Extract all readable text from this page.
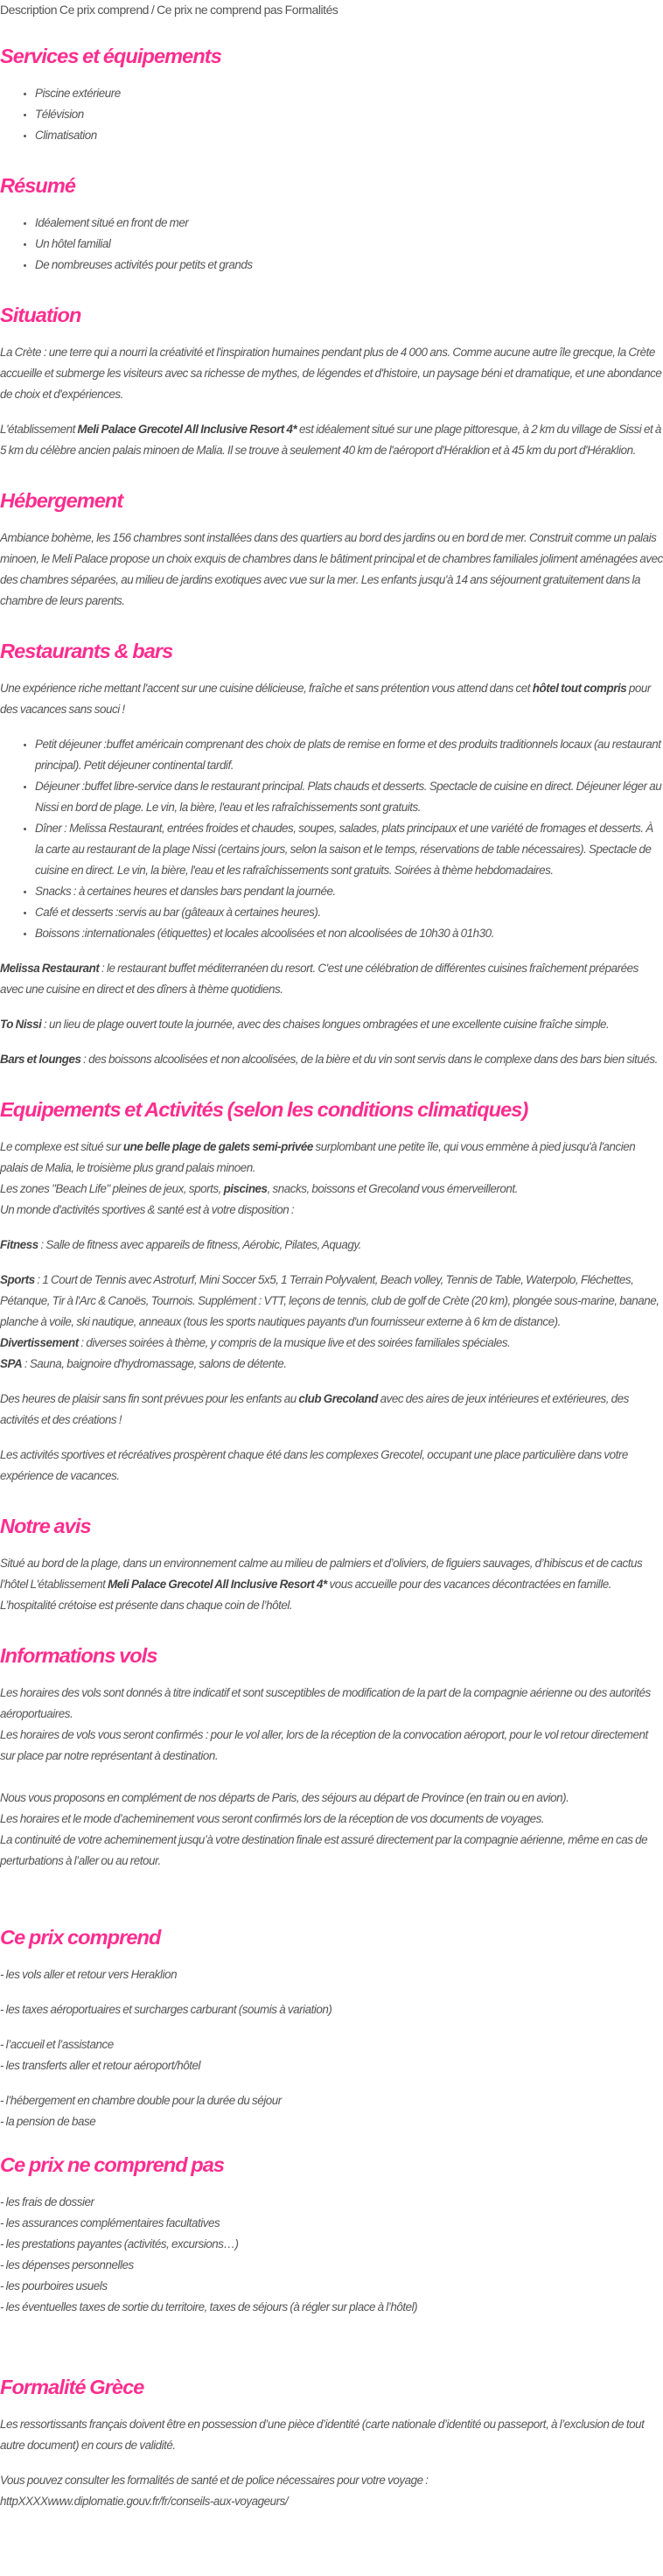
Description Ce prix comprend / Ce prix ne comprend pas Formalités
Services et équipements
• Piscine extérieure
• Télévision
• Climatisation
Résumé
• Idéalement situé en front de mer
• Un hôtel familial
• De nombreuses activités pour petits et grands
Situation

La Crète : une terre qui a nourri la créativité et l'inspiration humaines pendant plus de 4 000 ans. Comme aucune autre île grecque, la Crète accueille et submerge les visiteurs avec sa richesse de mythes, de légendes et d'histoire, un paysage béni et dramatique, et une abondance de choix et d'expériences.

L'établissement Meli Palace Grecotel All Inclusive Resort 4* est idéalement situé sur une plage pittoresque, à 2 km du village de Sissi et à 5 km du célèbre ancien palais minoen de Malia. Il se trouve à seulement 40 km de l'aéroport d'Héraklion et à 45 km du port d'Héraklion.

Hébergement

Ambiance bohème, les 156 chambres sont installées dans des quartiers au bord des jardins ou en bord de mer. Construit comme un palais minoen, le Meli Palace propose un choix exquis de chambres dans le bâtiment principal et de chambres familiales joliment aménagées avec des chambres séparées, au milieu de jardins exotiques avec vue sur la mer. Les enfants jusqu'à 14 ans séjournent gratuitement dans la chambre de leurs parents.

Restaurants & bars

Une expérience riche mettant l'accent sur une cuisine délicieuse, fraîche et sans prétention vous attend dans cet hôtel tout compris pour des vacances sans souci !

• Petit déjeuner :buffet américain comprenant des choix de plats de remise en forme et des produits traditionnels locaux (au restaurant principal). Petit déjeuner continental tardif.
• Déjeuner :buffet libre-service dans le restaurant principal. Plats chauds et desserts. Spectacle de cuisine en direct. Déjeuner léger au Nissi en bord de plage. Le vin, la bière, l'eau et les rafraîchissements sont gratuits.
• Dîner : Melissa Restaurant, entrées froides et chaudes, soupes, salades, plats principaux et une variété de fromages et desserts. À la carte au restaurant de la plage Nissi (certains jours, selon la saison et le temps, réservations de table nécessaires). Spectacle de cuisine en direct. Le vin, la bière, l'eau et les rafraîchissements sont gratuits. Soirées à thème hebdomadaires.
• Snacks : à certaines heures et dansles bars pendant la journée.
• Café et desserts :servis au bar (gâteaux à certaines heures).
• Boissons :internationales (étiquettes) et locales alcoolisées et non alcoolisées de 10h30 à 01h30.

Melissa Restaurant : le restaurant buffet méditerranéen du resort. C'est une célébration de différentes cuisines fraîchement préparées avec une cuisine en direct et des dîners à thème quotidiens.

To Nissi : un lieu de plage ouvert toute la journée, avec des chaises longues ombragées et une excellente cuisine fraîche simple.

Bars et lounges : des boissons alcoolisées et non alcoolisées, de la bière et du vin sont servis dans le complexe dans des bars bien situés.

Equipements et Activités (selon les conditions climatiques)

Le complexe est situé sur une belle plage de galets semi-privée surplombant une petite île, qui vous emmène à pied jusqu'à l'ancien palais de Malia, le troisième plus grand palais minoen.
Les zones "Beach Life" pleines de jeux, sports, piscines, snacks, boissons et Grecoland vous émerveilleront.
Un monde d'activités sportives & santé est à votre disposition :

Fitness : Salle de fitness avec appareils de fitness, Aérobic, Pilates, Aquagy.

Sports : 1 Court de Tennis avec Astroturf, Mini Soccer 5x5, 1 Terrain Polyvalent, Beach volley, Tennis de Table, Waterpolo, Fléchettes, Pétanque, Tir à l'Arc & Canoës, Tournois. Supplément : VTT, leçons de tennis, club de golf de Crète (20 km), plongée sous-marine, banane, planche à voile, ski nautique, anneaux (tous les sports nautiques payants d'un fournisseur externe à 6 km de distance).
Divertissement : diverses soirées à thème, y compris de la musique live et des soirées familiales spéciales.
SPA : Sauna, baignoire d'hydromassage, salons de détente.

Des heures de plaisir sans fin sont prévues pour les enfants au club Grecoland avec des aires de jeux intérieures et extérieures, des activités et des créations !

Les activités sportives et récréatives prospèrent chaque été dans les complexes Grecotel, occupant une place particulière dans votre expérience de vacances.

Notre avis

Situé au bord de la plage, dans un environnement calme au milieu de palmiers et d’oliviers, de figuiers sauvages, d’hibiscus et de cactus l’hôtel L'établissement Meli Palace Grecotel All Inclusive Resort 4* vous accueille pour des vacances décontractées en famille. L’hospitalité crétoise est présente dans chaque coin de l’hôtel.

Informations vols

Les horaires des vols sont donnés à titre indicatif et sont susceptibles de modification de la part de la compagnie aérienne ou des autorités aéroportuaires.
Les horaires de vols vous seront confirmés : pour le vol aller, lors de la réception de la convocation aéroport, pour le vol retour directement sur place par notre représentant à destination.

Nous vous proposons en complément de nos départs de Paris, des séjours au départ de Province (en train ou en avion).
Les horaires et le mode d’acheminement vous seront confirmés lors de la réception de vos documents de voyages.
La continuité de votre acheminement jusqu’à votre destination finale est assuré directement par la compagnie aérienne, même en cas de perturbations à l’aller ou au retour.

Ce prix comprend

- les vols aller et retour vers Heraklion

- les taxes aéroportuaires et surcharges carburant (soumis à variation)

- l’accueil et l’assistance

- les transferts aller et retour aéroport/hôtel

- l’hébergement en chambre double pour la durée du séjour

- la pension de base

Ce prix ne comprend pas

- les frais de dossier

- les assurances complémentaires facultatives

- les prestations payantes (activités, excursions…)

- les dépenses personnelles

- les pourboires usuels

- les éventuelles taxes de sortie du territoire, taxes de séjours (à régler sur place à l’hôtel)

Formalité Grèce

Les ressortissants français doivent être en possession d’une pièce d’identité (carte nationale d’identité ou passeport, à l’exclusion de tout autre document) en cours de validité.

Vous pouvez consulter les formalités de santé et de police nécessaires pour votre voyage :
httpXXXXwww.diplomatie.gouv.fr/fr/conseils-aux-voyageurs/
